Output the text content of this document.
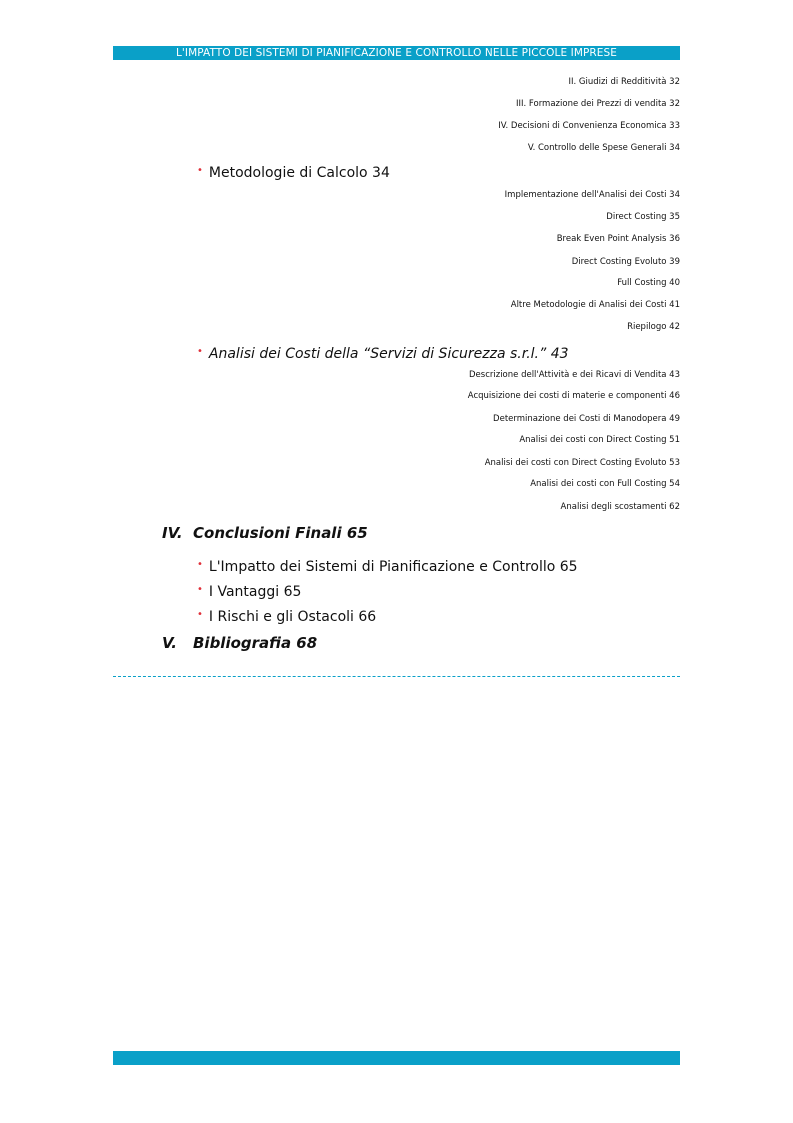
L'IMPATTO DEI SISTEMI DI PIANIFICAZIONE E CONTROLLO NELLE PICCOLE IMPRESE
II. Giudizi di Redditività 32
III. Formazione dei Prezzi di vendita 32
IV. Decisioni di Convenienza Economica 33
V. Controllo delle Spese Generali 34
• Metodologie di Calcolo 34
Implementazione dell'Analisi dei Costi 34
Direct Costing 35
Break Even Point Analysis 36
Direct Costing Evoluto 39
Full Costing 40
Altre Metodologie di Analisi dei Costi 41
Riepilogo 42
• Analisi dei Costi della “Servizi di Sicurezza s.r.l.” 43
Descrizione dell'Attività e dei Ricavi di Vendita 43
Acquisizione dei costi di materie e componenti 46
Determinazione dei Costi di Manodopera 49
Analisi dei costi con Direct Costing 51
Analisi dei costi con Direct Costing Evoluto 53
Analisi dei costi con Full Costing 54
Analisi degli scostamenti 62
IV. Conclusioni Finali 65
• L'Impatto dei Sistemi di Pianificazione e Controllo 65
• I Vantaggi 65
• I Rischi e gli Ostacoli 66
V. Bibliografia 68
